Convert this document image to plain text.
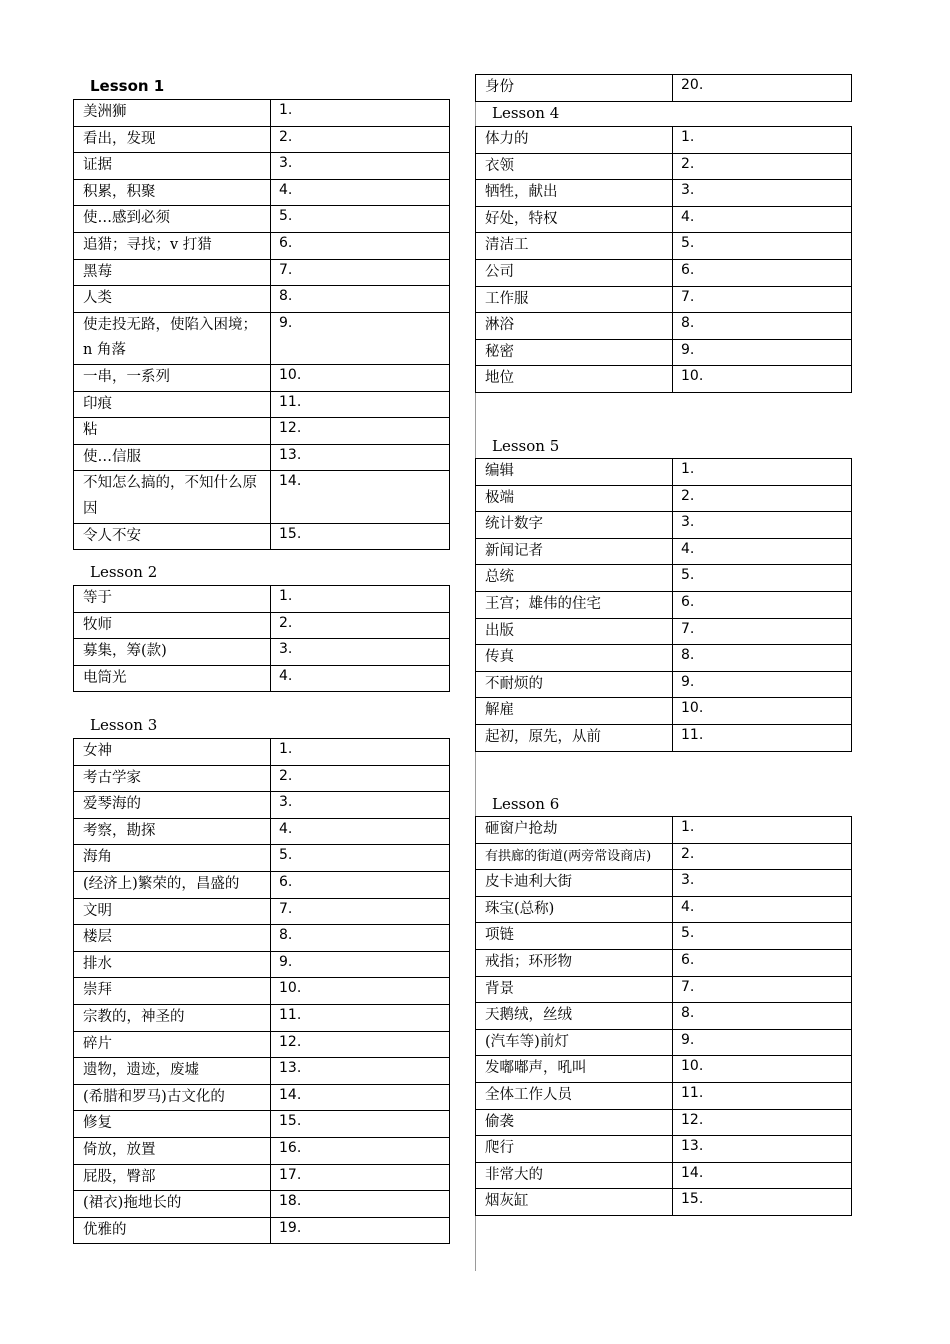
Lesson 1
美洲狮	1.
看出，发现	2.
证据	3.
积累，积聚	4.
使…感到必须	5.
追猎；寻找；v 打猎	6.
黑莓	7.
人类	8.
使走投无路，使陷入困境；n 角落	9.
一串，一系列	10.
印痕	11.
粘	12.
使…信服	13.
不知怎么搞的，不知什么原因	14.
令人不安	15.
Lesson 2
等于	1.
牧师	2.
募集，筹(款)	3.
电筒光	4.
Lesson 3
女神	1.
考古学家	2.
爱琴海的	3.
考察，勘探	4.
海角	5.
(经济上)繁荣的，昌盛的	6.
文明	7.
楼层	8.
排水	9.
崇拜	10.
宗教的，神圣的	11.
碎片	12.
遗物，遗迹，废墟	13.
(希腊和罗马)古文化的	14.
修复	15.
倚放，放置	16.
屁股，臀部	17.
(裙衣)拖地长的	18.
优雅的	19.
身份	20.
Lesson 4
体力的	1.
衣领	2.
牺牲，献出	3.
好处，特权	4.
清洁工	5.
公司	6.
工作服	7.
淋浴	8.
秘密	9.
地位	10.
Lesson 5
编辑	1.
极端	2.
统计数字	3.
新闻记者	4.
总统	5.
王宫；雄伟的住宅	6.
出版	7.
传真	8.
不耐烦的	9.
解雇	10.
起初，原先，从前	11.
Lesson 6
砸窗户抢劫	1.
有拱廊的街道(两旁常设商店)	2.
皮卡迪利大街	3.
珠宝(总称)	4.
项链	5.
戒指；环形物	6.
背景	7.
天鹅绒，丝绒	8.
(汽车等)前灯	9.
发嘟嘟声，吼叫	10.
全体工作人员	11.
偷袭	12.
爬行	13.
非常大的	14.
烟灰缸	15.
